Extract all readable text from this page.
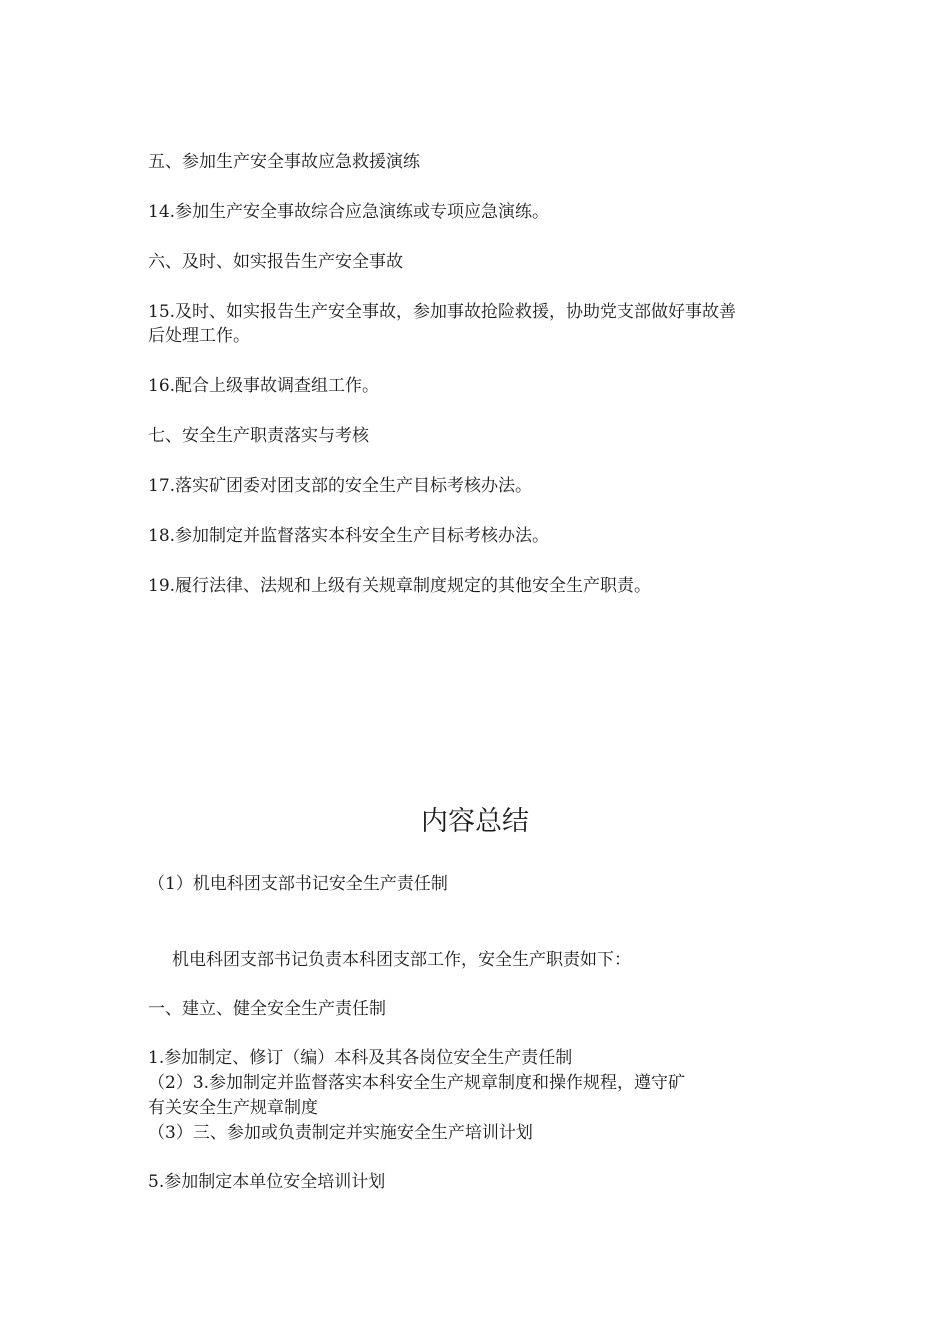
五、参加生产安全事故应急救援演练
14.参加生产安全事故综合应急演练或专项应急演练。
六、及时、如实报告生产安全事故
15.及时、如实报告生产安全事故，参加事故抢险救援，协助党支部做好事故善
后处理工作。
16.配合上级事故调查组工作。
七、安全生产职责落实与考核
17.落实矿团委对团支部的安全生产目标考核办法。
18.参加制定并监督落实本科安全生产目标考核办法。
19.履行法律、法规和上级有关规章制度规定的其他安全生产职责。
内容总结
（1）机电科团支部书记安全生产责任制
机电科团支部书记负责本科团支部工作，安全生产职责如下：
一、建立、健全安全生产责任制
1.参加制定、修订（编）本科及其各岗位安全生产责任制
（2）3.参加制定并监督落实本科安全生产规章制度和操作规程，遵守矿
有关安全生产规章制度
（3）三、参加或负责制定并实施安全生产培训计划
5.参加制定本单位安全培训计划
